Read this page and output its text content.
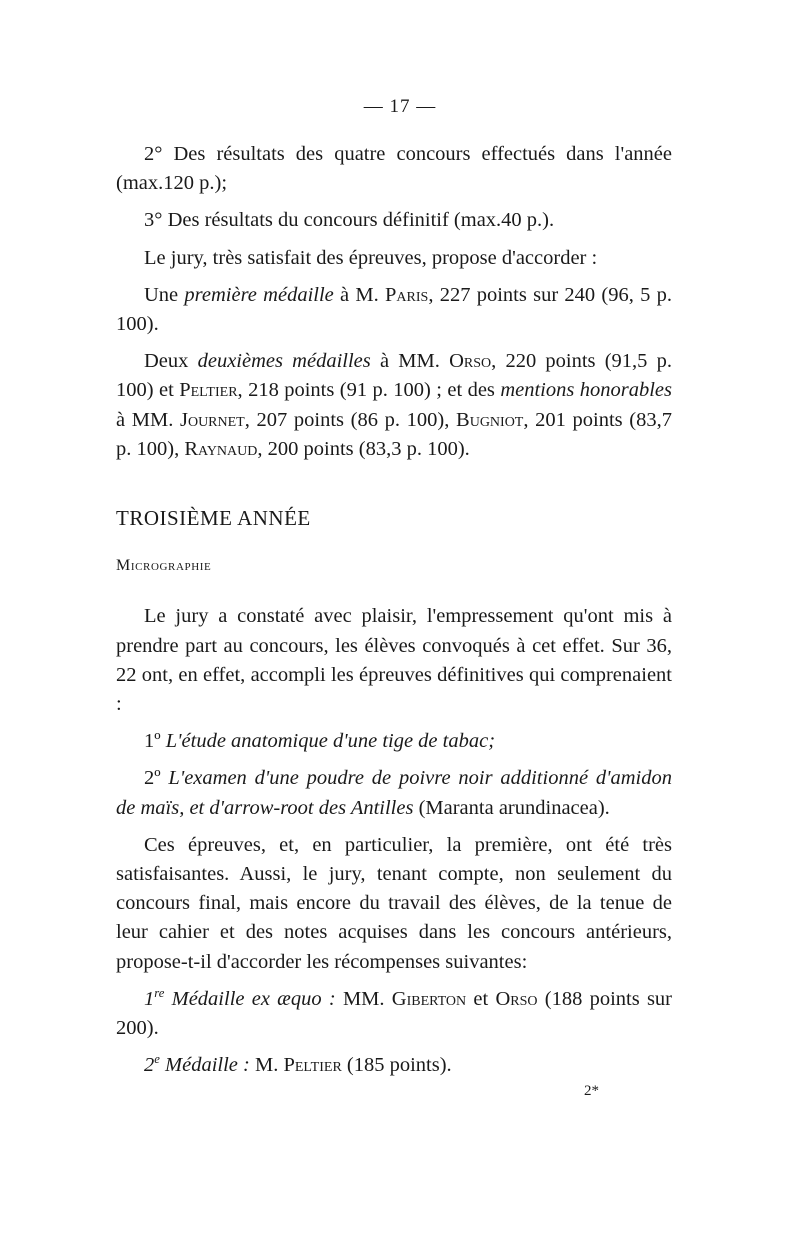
— 17 —

2° Des résultats des quatre concours effectués dans l'année (max.120 p.);

3° Des résultats du concours définitif (max.40 p.).

Le jury, très satisfait des épreuves, propose d'accorder :

Une première médaille à M. Paris, 227 points sur 240 (96, 5 p. 100).

Deux deuxièmes médailles à MM. Orso, 220 points (91,5 p. 100) et Peltier, 218 points (91 p. 100) ; et des mentions honorables à MM. Journet, 207 points (86 p. 100), Bugniot, 201 points (83,7 p. 100), Raynaud, 200 points (83,3 p. 100).

TROISIÈME ANNÉE

Micrographie

Le jury a constaté avec plaisir, l'empressement qu'ont mis à prendre part au concours, les élèves convoqués à cet effet. Sur 36, 22 ont, en effet, accompli les épreuves définitives qui comprenaient :

1º L'étude anatomique d'une tige de tabac;

2º L'examen d'une poudre de poivre noir additionné d'amidon de maïs, et d'arrow-root des Antilles (Maranta arundinacea).

Ces épreuves, et, en particulier, la première, ont été très satisfaisantes. Aussi, le jury, tenant compte, non seulement du concours final, mais encore du travail des élèves, de la tenue de leur cahier et des notes acquises dans les concours antérieurs, propose-t-il d'accorder les récompenses suivantes:

1re Médaille ex æquo : MM. Giberton et Orso (188 points sur 200).

2e Médaille : M. Peltier (185 points).

2*
